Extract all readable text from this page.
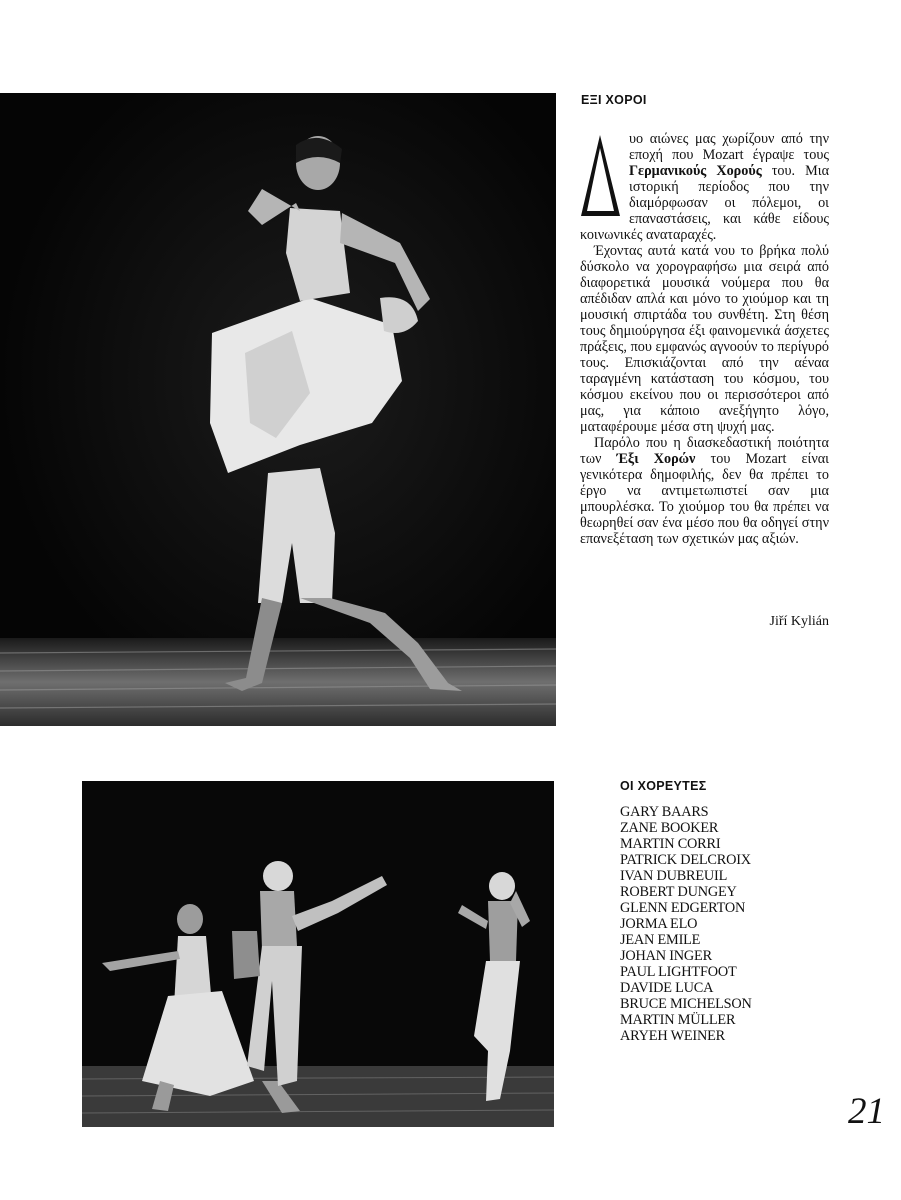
ΕΞΙ ΧΟΡΟΙ

υο αιώνες μας χωρίζουν από την εποχή που Mozart έγραψε τους Γερμανικούς Χορούς του. Μια ιστορική περίοδος που την διαμόρφωσαν οι πόλεμοι, οι επαναστάσεις, και κάθε είδους κοινωνικές αναταραχές.

Έχοντας αυτά κατά νου το βρήκα πολύ δύσκολο να χορογραφήσω μια σειρά από διαφορετικά μουσικά νούμερα που θα απέδιδαν απλά και μόνο το χιούμορ και τη μουσική σπιρτάδα του συνθέτη. Στη θέση τους δημιούργησα έξι φαινομενικά άσχετες πράξεις, που εμφανώς αγνοούν το περίγυρό τους. Επισκιάζονται από την αέναα ταραγμένη κατάσταση του κόσμου, του κόσμου εκείνου που οι περισσότεροι από μας, για κάποιο ανεξήγητο λόγο, ματαφέρουμε μέσα στη ψυχή μας.

Παρόλο που η διασκεδαστική ποιότητα των Έξι Χορών του Mozart είναι γενικότερα δημοφιλής, δεν θα πρέπει το έργο να αντιμετωπιστεί σαν μια μπουρλέσκα. Το χιούμορ του θα πρέπει να θεωρηθεί σαν ένα μέσο που θα οδηγεί στην επανεξέταση των σχετικών μας αξιών.

Jiří Kylián
ΟΙ ΧΟΡΕΥΤΕΣ
GARY BAARS
ZANE BOOKER
MARTIN CORRI
PATRICK DELCROIX
IVAN DUBREUIL
ROBERT DUNGEY
GLENN EDGERTON
JORMA ELO
JEAN EMILE
JOHAN INGER
PAUL LIGHTFOOT
DAVIDE LUCA
BRUCE MICHELSON
MARTIN MÜLLER
ARYEH WEINER
21
